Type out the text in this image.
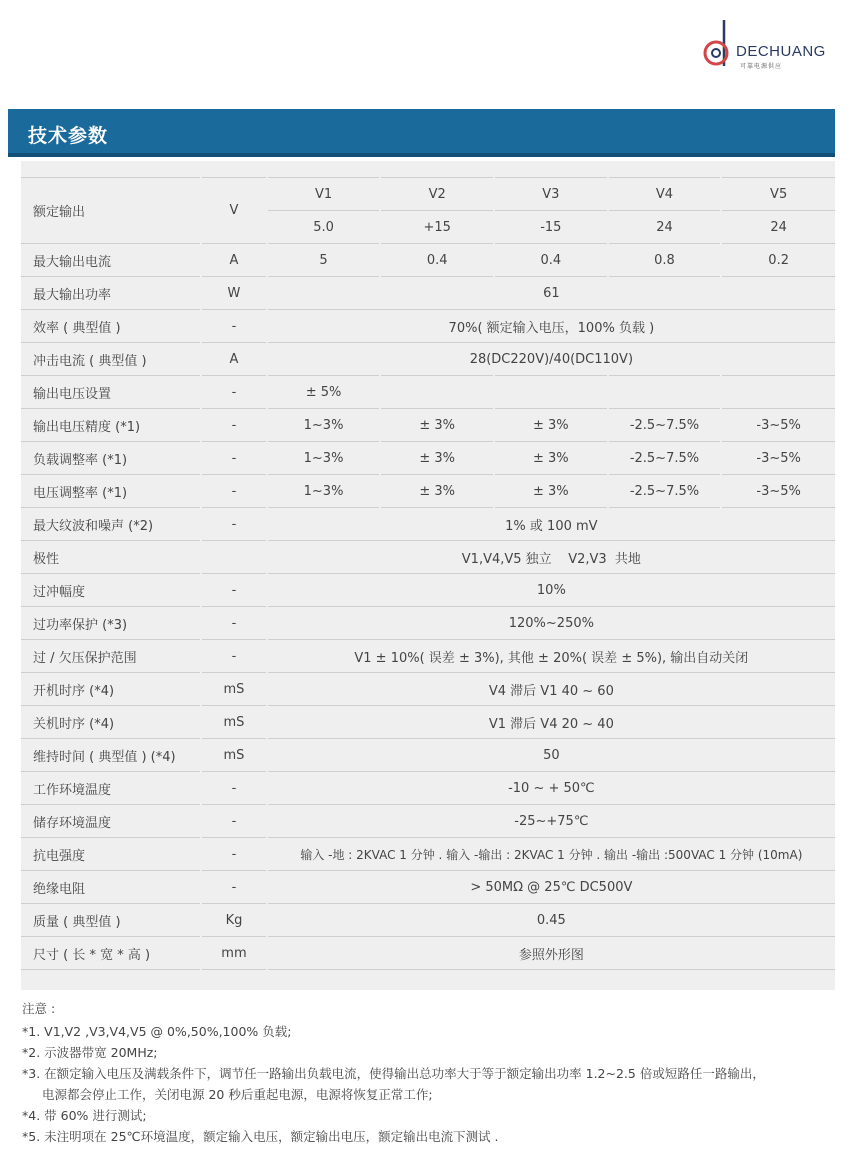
DECHUANG
可靠电源供应
技术参数
额定输出	V	V1	V2	V3	V4	V5
		5.0	+15	-15	24	24
最大输出电流	A	5	0.4	0.4	0.8	0.2
最大输出功率	W	61				
效率 ( 典型值 )	-	70%( 额定输入电压，100% 负载 )				
冲击电流 ( 典型值 )	A	28(DC220V)/40(DC110V)				
输出电压设置	-	± 5%				
输出电压精度 (*1)	-	1~3%	± 3%	± 3%	-2.5~7.5%	-3~5%
负载调整率 (*1)	-	1~3%	± 3%	± 3%	-2.5~7.5%	-3~5%
电压调整率 (*1)	-	1~3%	± 3%	± 3%	-2.5~7.5%	-3~5%
最大纹波和噪声 (*2)	-	1% 或 100 mV				
极性		V1,V4,V5 独立    V2,V3  共地				
过冲幅度	-	10%				
过功率保护 (*3)	-	120%~250%				
过 / 欠压保护范围	-	V1 ± 10%( 误差 ± 3%), 其他 ± 20%( 误差 ± 5%), 输出自动关闭				
开机时序 (*4)	mS	V4 滞后 V1 40 ~ 60				
关机时序 (*4)	mS	V1 滞后 V4 20 ~ 40				
维持时间 ( 典型值 ) (*4)	mS	50				
工作环境温度	-	-10 ~ + 50℃				
储存环境温度	-	-25~+75℃				
抗电强度	-	输入 -地 : 2KVAC 1 分钟 . 输入 -输出 : 2KVAC 1 分钟 . 输出 -输出 :500VAC 1 分钟 (10mA)				
绝缘电阻	-	> 50MΩ @ 25℃ DC500V				
质量 ( 典型值 )	Kg	0.45				
尺寸 ( 长 * 宽 * 高 )	mm	参照外形图				
注意 :
*1. V1,V2 ,V3,V4,V5 @ 0%,50%,100% 负载;
*2. 示波器带宽 20MHz;
*3. 在额定输入电压及满载条件下，调节任一路输出负载电流，使得输出总功率大于等于额定输出功率 1.2~2.5 倍或短路任一路输出，
电源都会停止工作，关闭电源 20 秒后重起电源，电源将恢复正常工作;
*4. 带 60% 进行测试;
*5. 未注明项在 25℃环境温度，额定输入电压，额定输出电压，额定输出电流下测试 .
